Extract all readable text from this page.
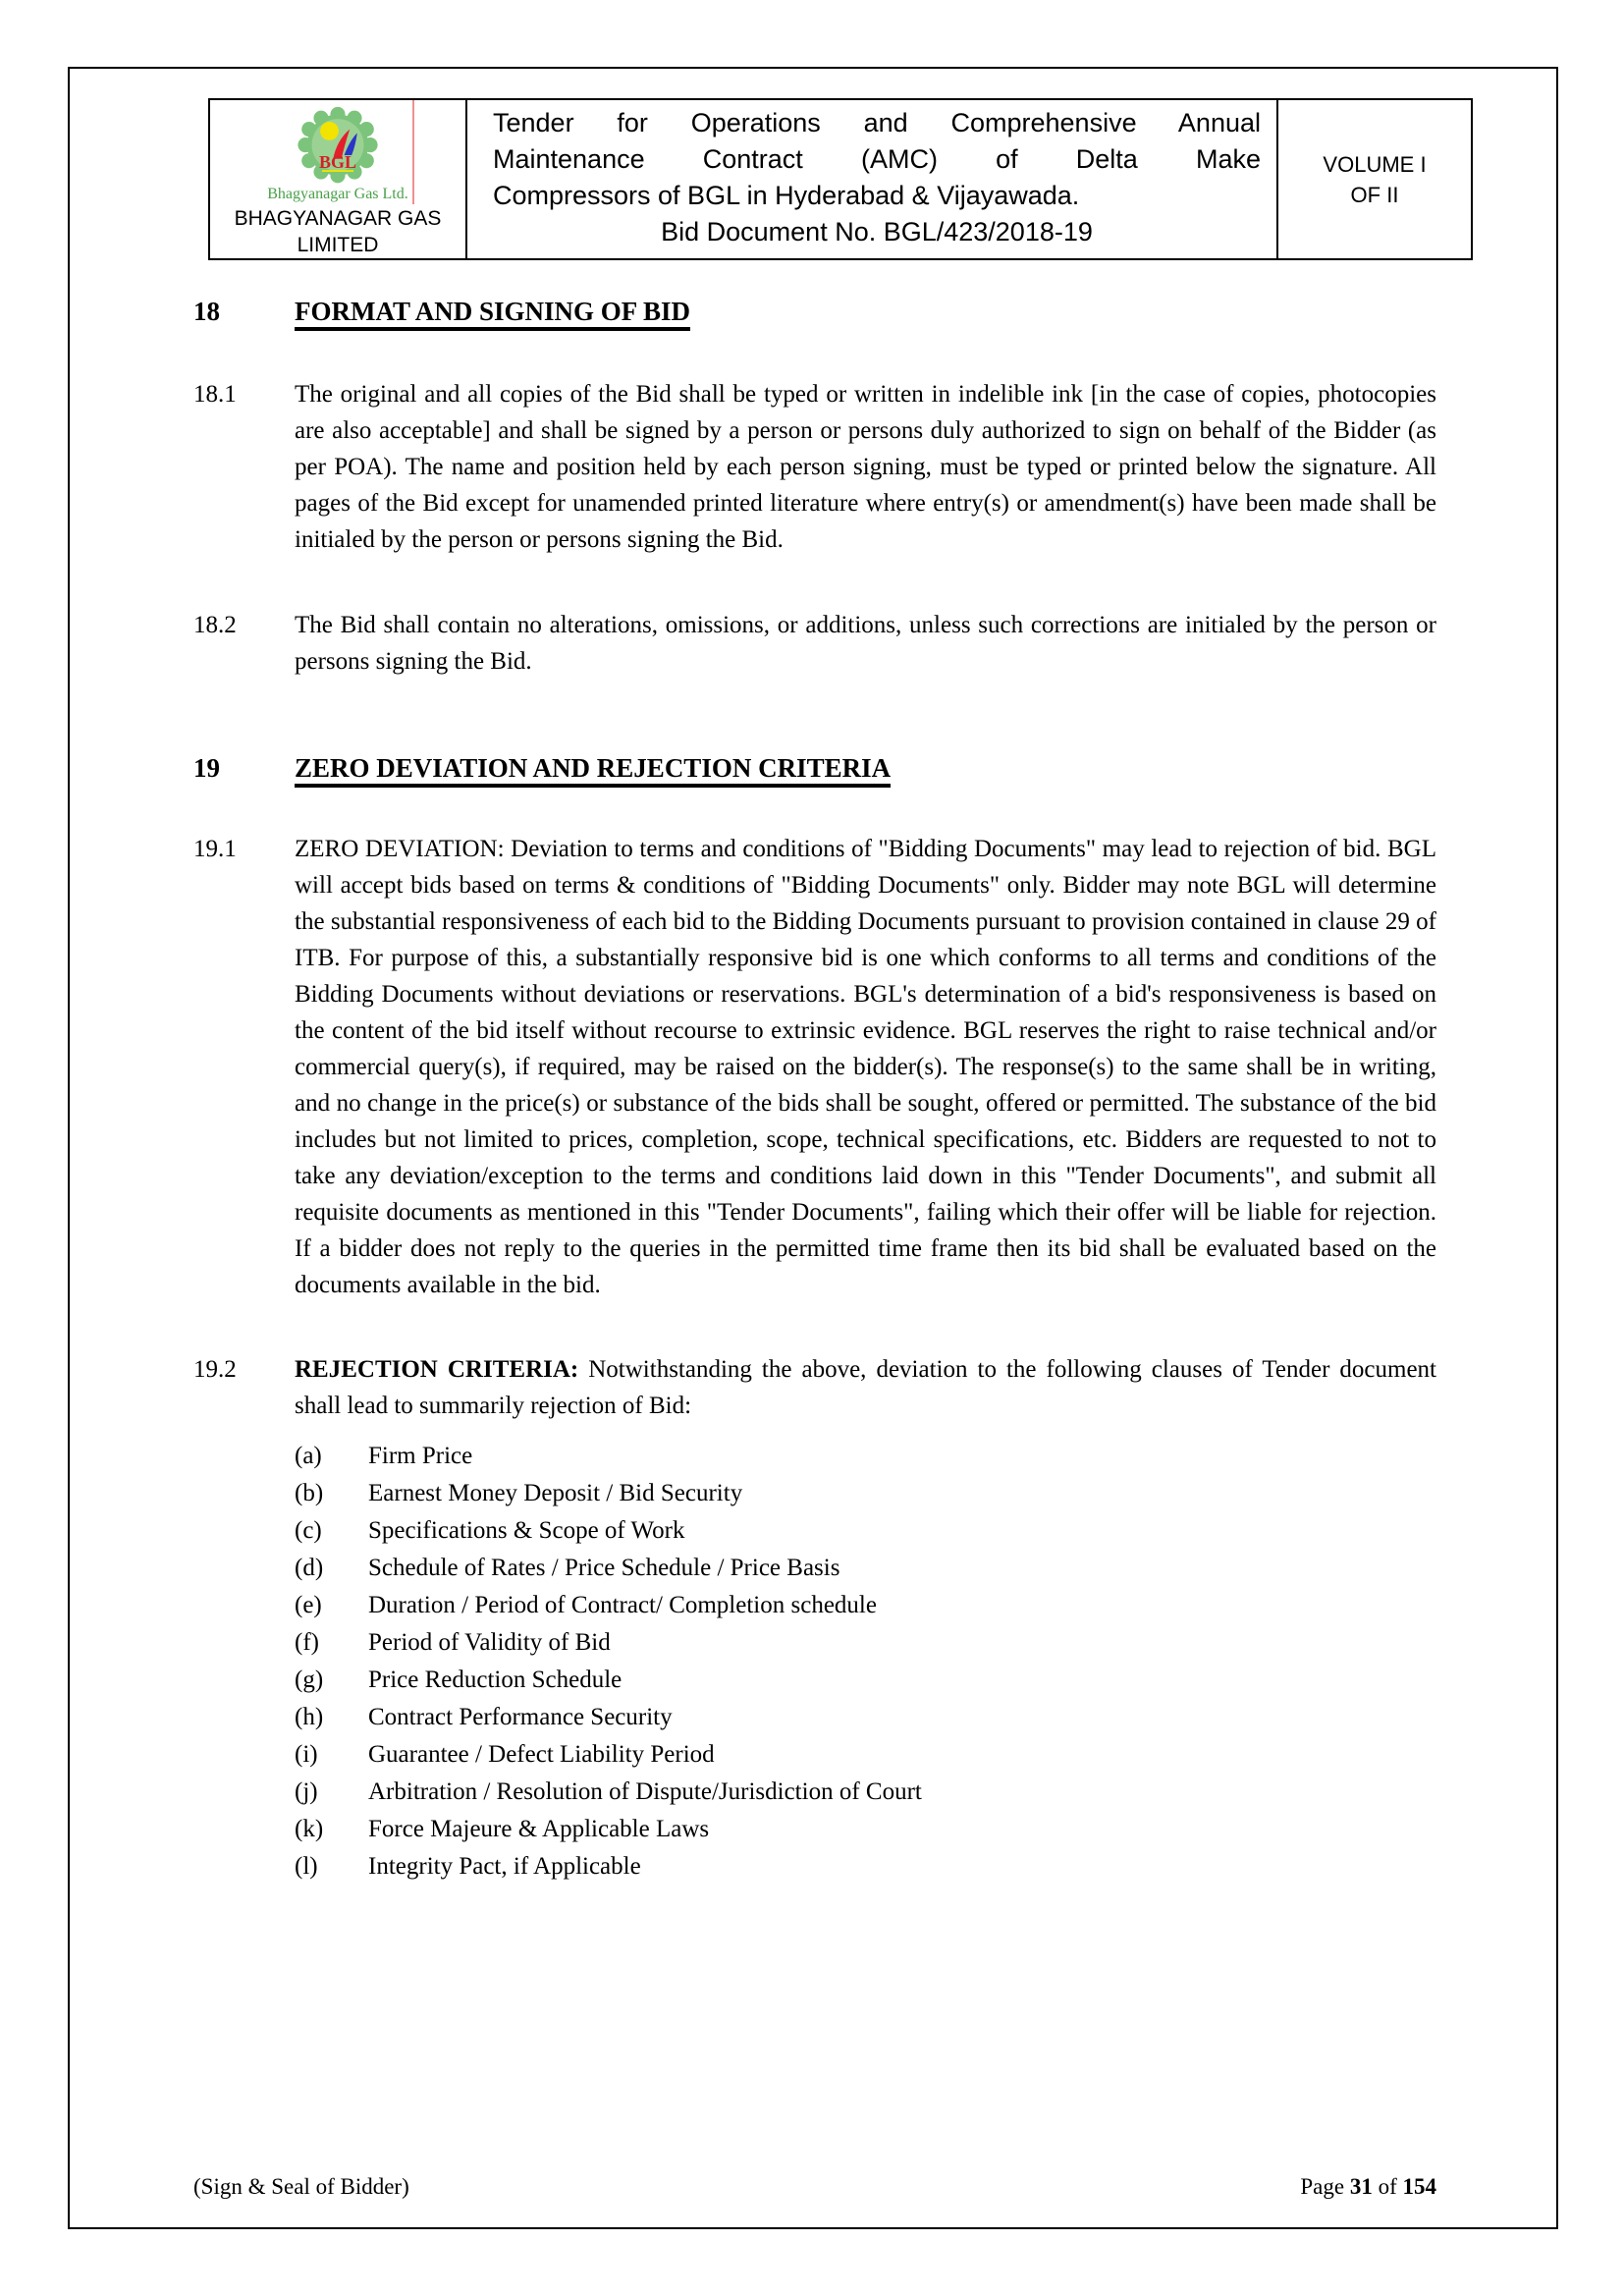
BGL
Bhagyanagar Gas Ltd.
BHAGYANAGAR GAS
LIMITED
Tender for Operations and Comprehensive Annual
Maintenance Contract (AMC) of Delta Make
Compressors of BGL in Hyderabad & Vijayawada.
Bid Document No. BGL/423/2018-19
VOLUME I
OF II
18	FORMAT AND SIGNING OF BID
18.1	The original and all copies of the Bid shall be typed or written in indelible ink [in the case of copies, photocopies are also acceptable] and shall be signed by a person or persons duly authorized to sign on behalf of the Bidder (as per POA). The name and position held by each person signing, must be typed or printed below the signature. All pages of the Bid except for unamended printed literature where entry(s) or amendment(s) have been made shall be initialed by the person or persons signing the Bid.
18.2	The Bid shall contain no alterations, omissions, or additions, unless such corrections are initialed by the person or persons signing the Bid.
19	ZERO DEVIATION AND REJECTION CRITERIA
19.1	ZERO DEVIATION: Deviation to terms and conditions of "Bidding Documents" may lead to rejection of bid. BGL will accept bids based on terms & conditions of "Bidding Documents" only. Bidder may note BGL will determine the substantial responsiveness of each bid to the Bidding Documents pursuant to provision contained in clause 29 of ITB. For purpose of this, a substantially responsive bid is one which conforms to all terms and conditions of the Bidding Documents without deviations or reservations. BGL's determination of a bid's responsiveness is based on the content of the bid itself without recourse to extrinsic evidence. BGL reserves the right to raise technical and/or commercial query(s), if required, may be raised on the bidder(s). The response(s) to the same shall be in writing, and no change in the price(s) or substance of the bids shall be sought, offered or permitted. The substance of the bid includes but not limited to prices, completion, scope, technical specifications, etc. Bidders are requested to not to take any deviation/exception to the terms and conditions laid down in this "Tender Documents", and submit all requisite documents as mentioned in this "Tender Documents", failing which their offer will be liable for rejection. If a bidder does not reply to the queries in the permitted time frame then its bid shall be evaluated based on the documents available in the bid.
19.2	REJECTION CRITERIA: Notwithstanding the above, deviation to the following clauses of Tender document shall lead to summarily rejection of Bid:
(a)	Firm Price
(b)	Earnest Money Deposit / Bid Security
(c)	Specifications & Scope of Work
(d)	Schedule of Rates / Price Schedule / Price Basis
(e)	Duration / Period of Contract/ Completion schedule
(f)	Period of Validity of Bid
(g)	Price Reduction Schedule
(h)	Contract Performance Security
(i)	Guarantee / Defect Liability Period
(j)	Arbitration / Resolution of Dispute/Jurisdiction of Court
(k)	Force Majeure & Applicable Laws
(l)	Integrity Pact, if Applicable
(Sign & Seal of Bidder)	Page 31 of 154
